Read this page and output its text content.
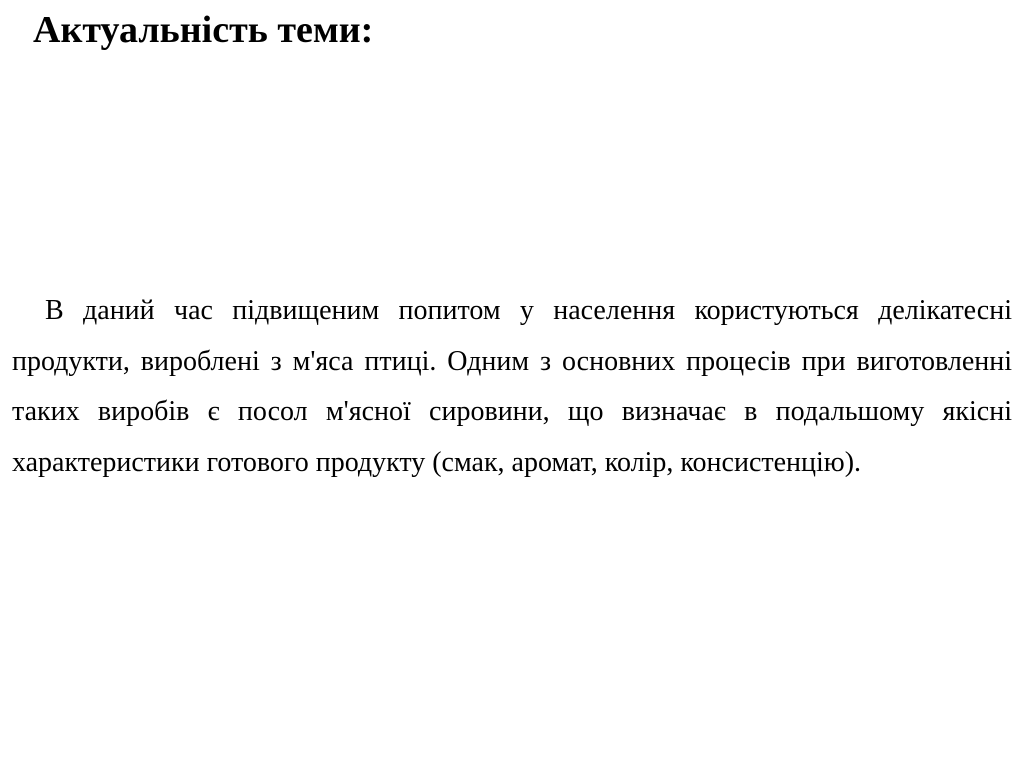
Актуальність теми:

В даний час підвищеним попитом у населення користуються делікатесні продукти, вироблені з м'яса птиці. Одним з основних процесів при виготовленні таких виробів є посол м'ясної сировини, що визначає в подальшому якісні характеристики готового продукту (смак, аромат, колір, консистенцію).
